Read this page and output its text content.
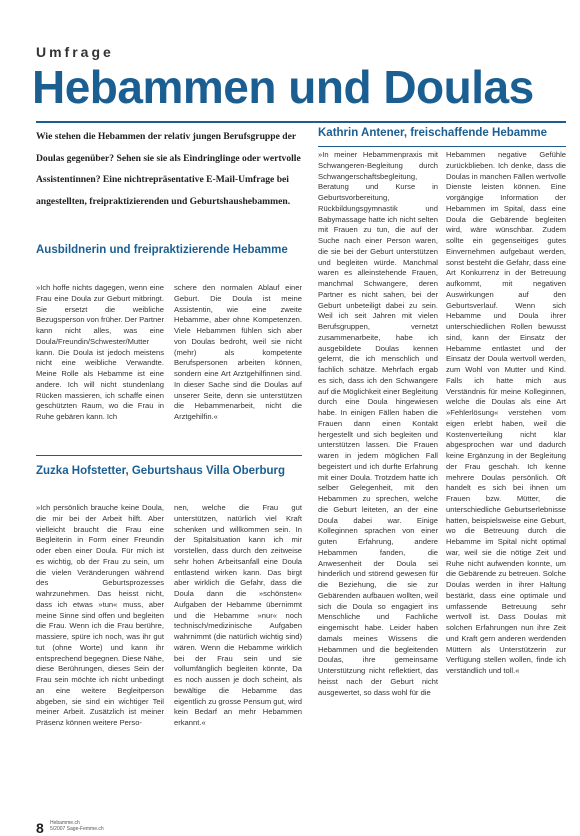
Umfrage
Hebammen und Doulas
Wie stehen die Hebammen der relativ jungen Berufsgruppe der Doulas gegenüber? Sehen sie sie als Eindringlinge oder wertvolle Assistentinnen? Eine nichtrepräsentative E-Mail-Umfrage bei angestellten, freipraktizierenden und Geburtshaushebammen.
Ausbildnerin und freipraktizierende Hebamme
»Ich hoffe nichts dagegen, wenn eine Frau eine Doula zur Geburt mitbringt. Sie ersetzt die weibliche Bezugsperson von früher. Der Partner kann nicht alles, was eine Doula/Freundin/Schwester/Mutter kann. Die Doula ist jedoch meistens nicht eine weibliche Verwandte. Meine Rolle als Hebamme ist eine andere. Ich will nicht stundenlang Rücken massieren, ich schaffe einen geschützten Raum, wo die Frau in Ruhe gebären kann. Ich
schere den normalen Ablauf einer Geburt. Die Doula ist meine Assistentin, wie eine zweite Hebamme, aber ohne Kompetenzen. Viele Hebammen fühlen sich aber von Doulas bedroht, weil sie nicht (mehr) als kompetente Berufspersonen arbeiten können, sondern eine Art Arztgehilfinnen sind. In dieser Sache sind die Doulas auf unserer Seite, denn sie unterstützen die Hebammenarbeit, nicht die Arztgehilfin.«
Zuzka Hofstetter, Geburtshaus Villa Oberburg
»Ich persönlich brauche keine Doula, die mir bei der Arbeit hilft. Aber vielleicht braucht die Frau eine Begleiterin in Form einer Freundin oder eben einer Doula. Für mich ist es wichtig, ob der Frau zu sein, um die vielen Veränderungen während des Geburtsprozesses wahrzunehmen. Das heisst nicht, dass ich etwas »tun« muss, aber meine Sinne sind offen und begleiten die Frau. Wenn ich die Frau berühre, massiere, spüre ich noch, was ihr gut tut (ohne Worte) und kann ihr entsprechend begegnen. Diese Nähe, diese Berührungen, dieses Sein der Frau sein möchte ich nicht unbedingt an eine weitere Begleitperson abgeben, sie sind ein wichtiger Teil meiner Arbeit. Zusätzlich ist meiner Präsenz können weitere Perso-
nen, welche die Frau gut unterstützen, natürlich viel Kraft schenken und willkommen sein. In der Spitalsituation kann ich mir vorstellen, dass durch den zeitweise sehr hohen Arbeitsanfall eine Doula entlastend wirken kann. Das birgt aber wirklich die Gefahr, dass die Doula dann die »schönsten« Aufgaben der Hebamme übernimmt und die Hebamme »nur« noch technisch/medizinische Aufgaben wahrnimmt (die natürlich wichtig sind) wären. Wenn die Hebamme wirklich bei der Frau sein und sie vollumfänglich begleiten könnte, Da es noch aussen je doch scheint, als bewältige die Hebamme das eigentlich zu grosse Pensum gut, wird kein Bedarf an mehr Hebammen erkannt.«
Kathrin Antener, freischaffende Hebamme
»In meiner Hebammenpraxis mit Schwangeren-Begleitung durch Schwangerschaftsbegleitung, Beratung und Kurse in Geburtsvorbereitung, Rückbildungsgymnastik und Babymassage hatte ich nicht selten mit Frauen zu tun, die auf der Suche nach einer Person waren, die sie bei der Geburt unterstützen und begleiten würde. Manchmal waren es alleinstehende Frauen, manchmal Schwangere, deren Partner es nicht sahen, bei der Geburt unbeteiligt dabei zu sein. Weil ich seit Jahren mit vielen Berufsgruppen, vernetzt zusammenarbeite, habe ich ausgebildete Doulas kennen gelernt, die ich menschlich und fachlich schätze. Mehrfach ergab es sich, dass ich den Schwangere auf die Möglichkeit einer Begleitung durch eine Doula hingewiesen habe. In einigen Fällen haben die Frauen dann einen Kontakt hergestellt und sich begleiten und unterstützen lassen. Die Frauen waren in jedem möglichen Fall begeistert und ich durfte Erfahrung mit einer Doula. Trotzdem hatte ich selber Gelegenheit, mit den Hebammen zu sprechen, welche die Geburt leiteten, an der eine Doula dabei war. Einige Kolleginnen sprachen von einer guten Erfahrung, andere Hebammen fanden, die Anwesenheit der Doula sei hinderlich und störend gewesen für die Beziehung, die sie zur Gebärenden aufbauen wollten, weil sich die Doula so engagiert ins Menschliche und Fachliche eingemischt habe. Leider haben damals meines Wissens die Hebammen und die begleitenden Doulas, ihre gemeinsame Unterstützung nicht reflektiert, das heisst nach der Geburt nicht ausgewertet, so dass wohl für die
Hebammen negative Gefühle zurückblieben. Ich denke, dass die Doulas in manchen Fällen wertvolle Dienste leisten können. Eine vorgängige Information der Hebammen im Spital, dass eine Doula die Gebärende begleiten wird, wäre wünschbar. Zudem sollte ein gegenseitiges gutes Einvernehmen aufgebaut werden, sonst besteht die Gefahr, dass eine Art Konkurrenz in der Betreuung aufkommt, mit negativen Auswirkungen auf den Geburtsverlauf. Wenn sich Hebamme und Doula ihrer unterschiedlichen Rollen bewusst sind, kann der Einsatz der Hebamme entlastet und der Einsatz der Doula wertvoll werden, zum Wohl von Mutter und Kind. Falls ich hatte mich aus Verständnis für meine Kolleginnen, welche die Doulas als eine Art »Fehlerlösung« verstehen vom eigen erlebt haben, weil die Kostenverteilung nicht klar abgesprochen war und dadurch keine Ergänzung in der Begleitung der Frau geschah. Ich kenne mehrere Doulas persönlich. Oft handelt es sich bei ihnen um Frauen bzw. Mütter, die unterschiedliche Geburtserlebnisse hatten, beispielsweise eine Geburt, wo die Betreuung durch die Hebamme im Spital nicht optimal war, weil sie die nötige Zeit und Ruhe nicht aufwenden konnte, um die Gebärende zu betreuen. Solche Doulas werden in ihrer Haltung bestärkt, dass eine optimale und umfassende Betreuung sehr wertvoll ist. Dass Doulas mit solchen Erfahrungen nun ihre Zeit und Kraft gern anderen werdenden Müttern als Unterstützerin zur Verfügung stellen wollen, finde ich verständlich und toll.«
8 Hebamme.ch
5/2007 Sage-Femme.ch
